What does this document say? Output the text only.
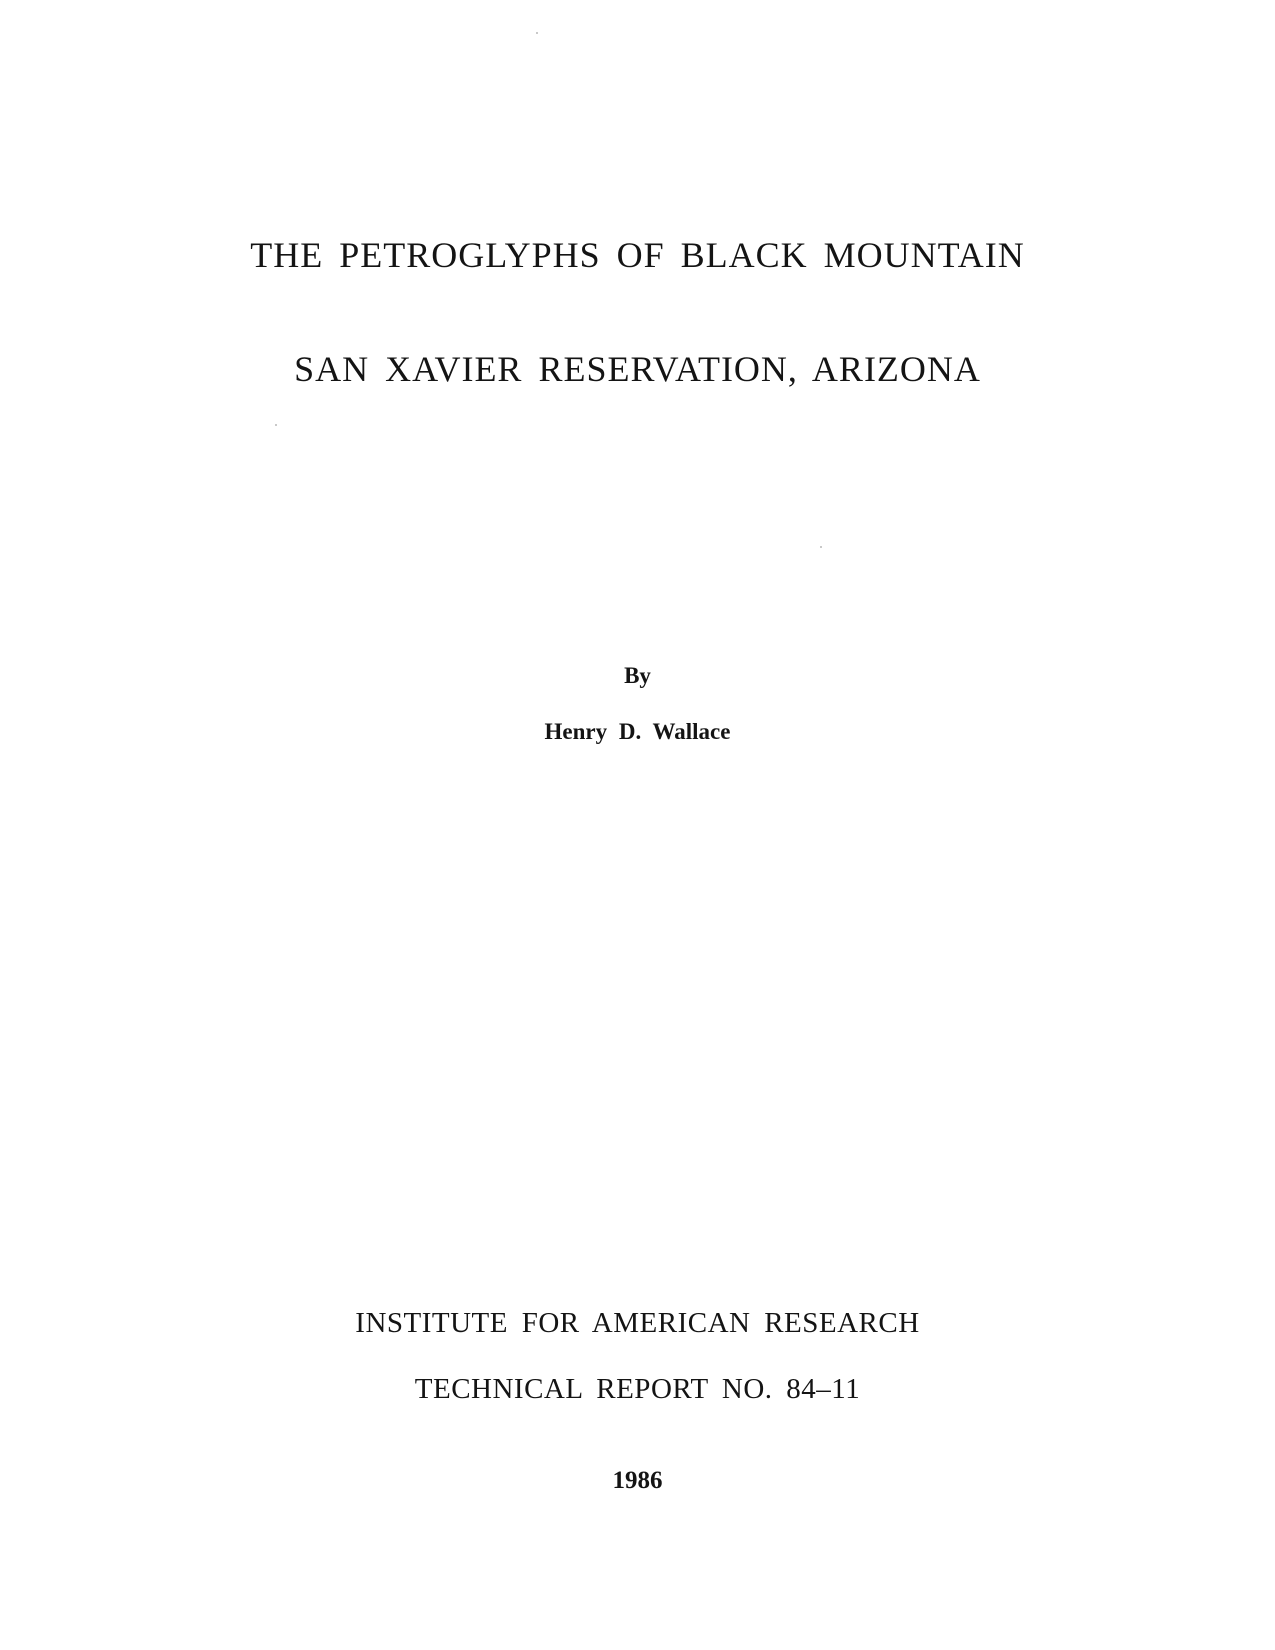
THE PETROGLYPHS OF BLACK MOUNTAIN
SAN XAVIER RESERVATION, ARIZONA
By
Henry D. Wallace
INSTITUTE FOR AMERICAN RESEARCH
TECHNICAL REPORT NO. 84–11
1986
